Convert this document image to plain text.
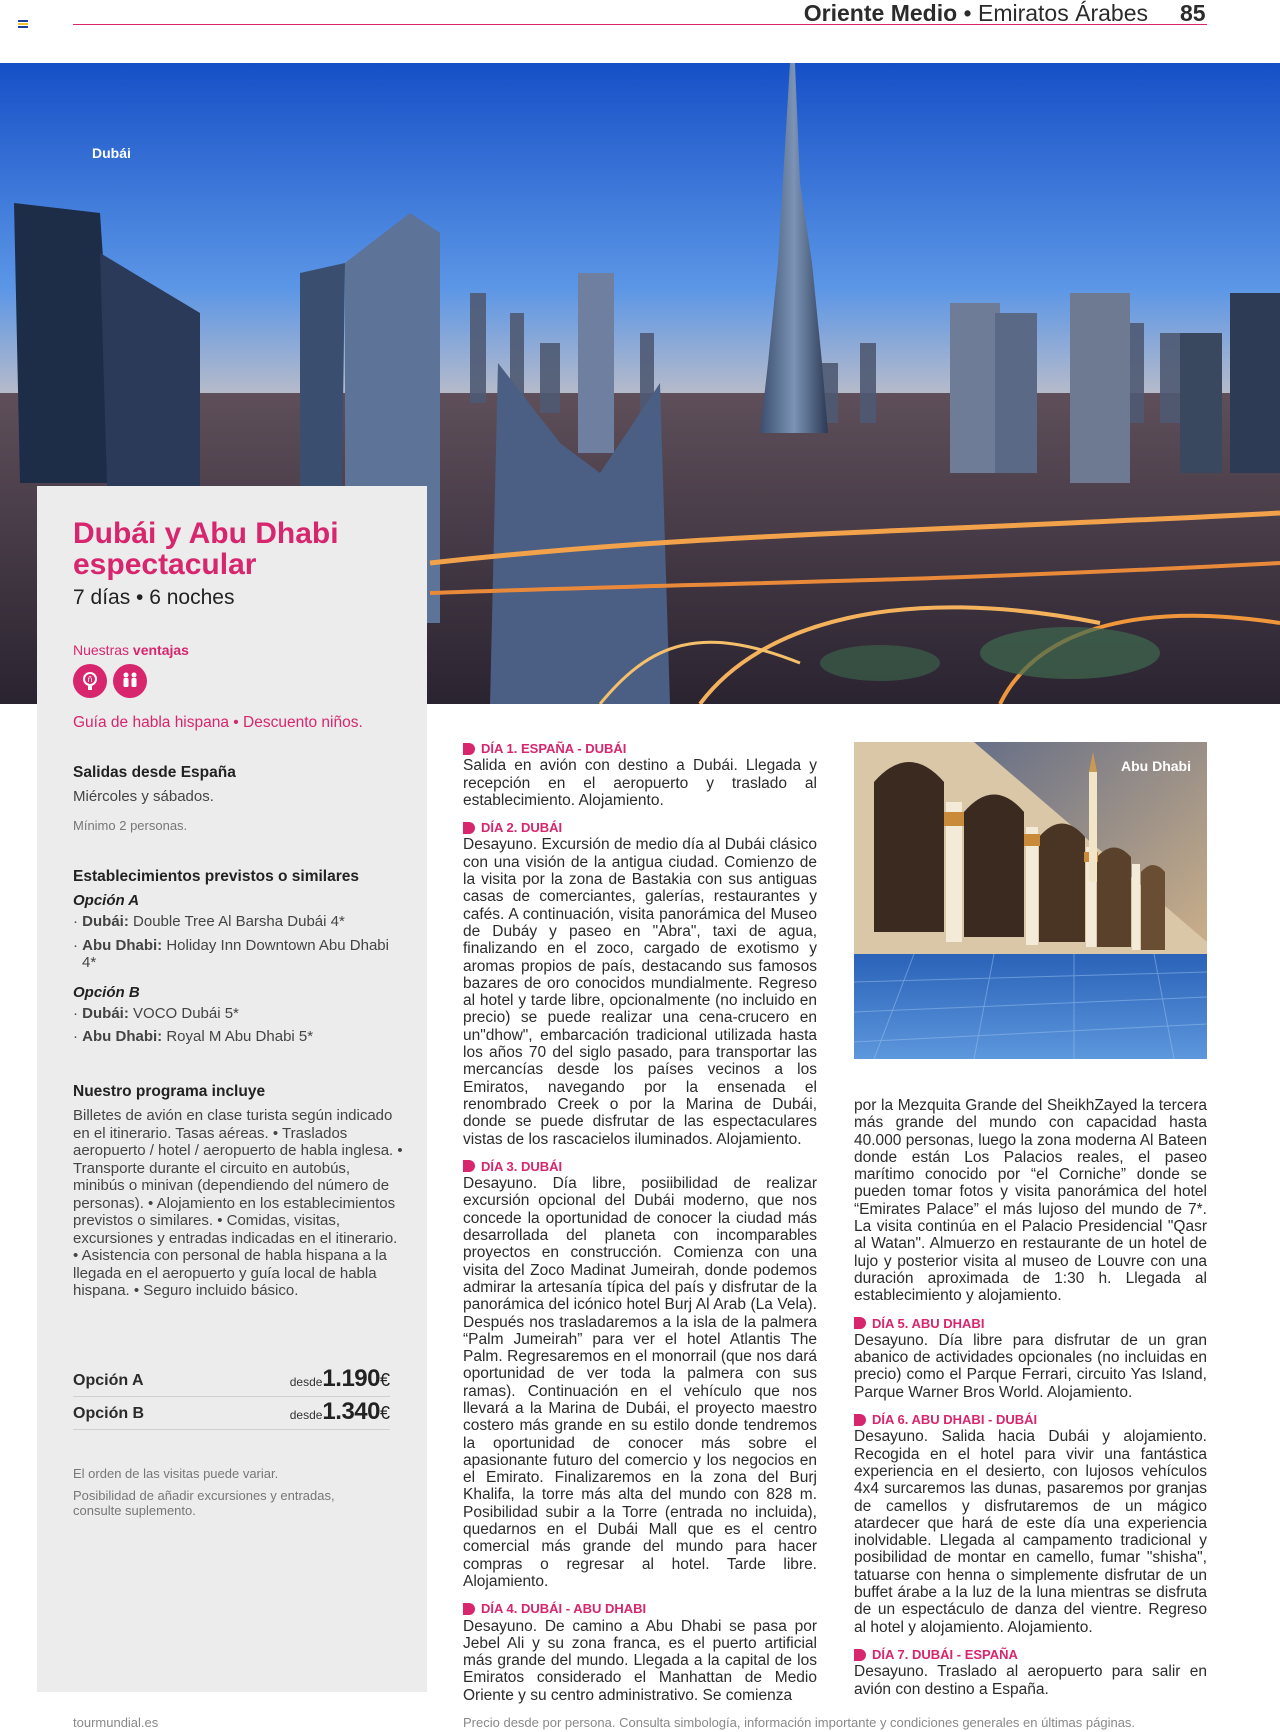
Oriente Medio • Emiratos Árabes 85
Dubái
Dubái y Abu Dhabi espectacular
7 días • 6 noches
Nuestras ventajas
ñ

Guía de habla hispana • Descuento niños.
Salidas desde España
Miércoles y sábados.
Mínimo 2 personas.
Establecimientos previstos o similares
Opción A
· Dubái: Double Tree Al Barsha Dubái 4*
· Abu Dhabi: Holiday Inn Downtown Abu Dhabi 4*
Opción B
· Dubái: VOCO Dubái 5*
· Abu Dhabi: Royal M Abu Dhabi 5*
Nuestro programa incluye
Billetes de avión en clase turista según indicado en el itinerario. Tasas aéreas. • Traslados aeropuerto / hotel / aeropuerto de habla inglesa. • Transporte durante el circuito en autobús, minibús o minivan (dependiendo del número de personas). • Alojamiento en los establecimientos previstos o similares. • Comidas, visitas, excursiones y entradas indicadas en el itinerario. • Asistencia con personal de habla hispana a la llegada en el aeropuerto y guía local de habla hispana. • Seguro incluido básico.
Opción A	desde1.190€
Opción B	desde1.340€
El orden de las visitas puede variar.
Posibilidad de añadir excursiones y entradas, consulte suplemento.
DÍA 1. ESPAÑA - DUBÁI
Salida en avión con destino a Dubái. Llegada y recepción en el aeropuerto y traslado al establecimiento. Alojamiento.
DÍA 2. DUBÁI
Desayuno. Excursión de medio día al Dubái clásico con una visión de la antigua ciudad. Comienzo de la visita por la zona de Bastakia con sus antiguas casas de comerciantes, galerías, restaurantes y cafés. A continuación, visita panorámica del Museo de Dubáy y paseo en "Abra", taxi de agua, finalizando en el zoco, cargado de exotismo y aromas propios de país, destacando sus famosos bazares de oro conocidos mundialmente. Regreso al hotel y tarde libre, opcionalmente (no incluido en precio) se puede realizar una cena-crucero en un"dhow", embarcación tradicional utilizada hasta los años 70 del siglo pasado, para transportar las mercancías desde los países vecinos a los Emiratos, navegando por la ensenada el renombrado Creek o por la Marina de Dubái, donde se puede disfrutar de las espectaculares vistas de los rascacielos iluminados. Alojamiento.
DÍA 3. DUBÁI
Desayuno. Día libre, posiibilidad de realizar excursión opcional del Dubái moderno, que nos concede la oportunidad de conocer la ciudad más desarrollada del planeta con incomparables proyectos en construcción. Comienza con una visita del Zoco Madinat Jumeirah, donde podemos admirar la artesanía típica del país y disfrutar de la panorámica del icónico hotel Burj Al Arab (La Vela). Después nos trasladaremos a la isla de la palmera “Palm Jumeirah” para ver el hotel Atlantis The Palm. Regresaremos en el monorrail (que nos dará oportunidad de ver toda la palmera con sus ramas). Continuación en el vehículo que nos llevará a la Marina de Dubái, el proyecto maestro costero más grande en su estilo donde tendremos la oportunidad de conocer más sobre el apasionante futuro del comercio y los negocios en el Emirato. Finalizaremos en la zona del Burj Khalifa, la torre más alta del mundo con 828 m. Posibilidad subir a la Torre (entrada no incluida), quedarnos en el Dubái Mall que es el centro comercial más grande del mundo para hacer compras o regresar al hotel. Tarde libre. Alojamiento.
DÍA 4. DUBÁI - ABU DHABI
Desayuno. De camino a Abu Dhabi se pasa por Jebel Ali y su zona franca, es el puerto artificial más grande del mundo. Llegada a la capital de los Emiratos considerado el Manhattan de Medio Oriente y su centro administrativo. Se comienza
Abu Dhabi
por la Mezquita Grande del SheikhZayed la tercera más grande del mundo con capacidad hasta 40.000 personas, luego la zona moderna Al Bateen donde están Los Palacios reales, el paseo marítimo conocido por “el Corniche” donde se pueden tomar fotos y visita panorámica del hotel “Emirates Palace” el más lujoso del mundo de 7*. La visita continúa en el Palacio Presidencial "Qasr al Watan". Almuerzo en restaurante de un hotel de lujo y posterior visita al museo de Louvre con una duración aproximada de 1:30 h. Llegada al establecimiento y alojamiento.
DÍA 5. ABU DHABI
Desayuno. Día libre para disfrutar de un gran abanico de actividades opcionales (no incluidas en precio) como el Parque Ferrari, circuito Yas Island, Parque Warner Bros World. Alojamiento.
DÍA 6. ABU DHABI - DUBÁI
Desayuno. Salida hacia Dubái y alojamiento. Recogida en el hotel para vivir una fantástica experiencia en el desierto, con lujosos vehículos 4x4 surcaremos las dunas, pasaremos por granjas de camellos y disfrutaremos de un mágico atardecer que hará de este día una experiencia inolvidable. Llegada al campamento tradicional y posibilidad de montar en camello, fumar "shisha", tatuarse con henna o simplemente disfrutar de un buffet árabe a la luz de la luna mientras se disfruta de un espectáculo de danza del vientre. Regreso al hotel y alojamiento. Alojamiento.
DÍA 7. DUBÁI - ESPAÑA
Desayuno. Traslado al aeropuerto para salir en avión con destino a España.
tourmundial.es	Precio desde por persona. Consulta simbología, información importante y condiciones generales en últimas páginas.
